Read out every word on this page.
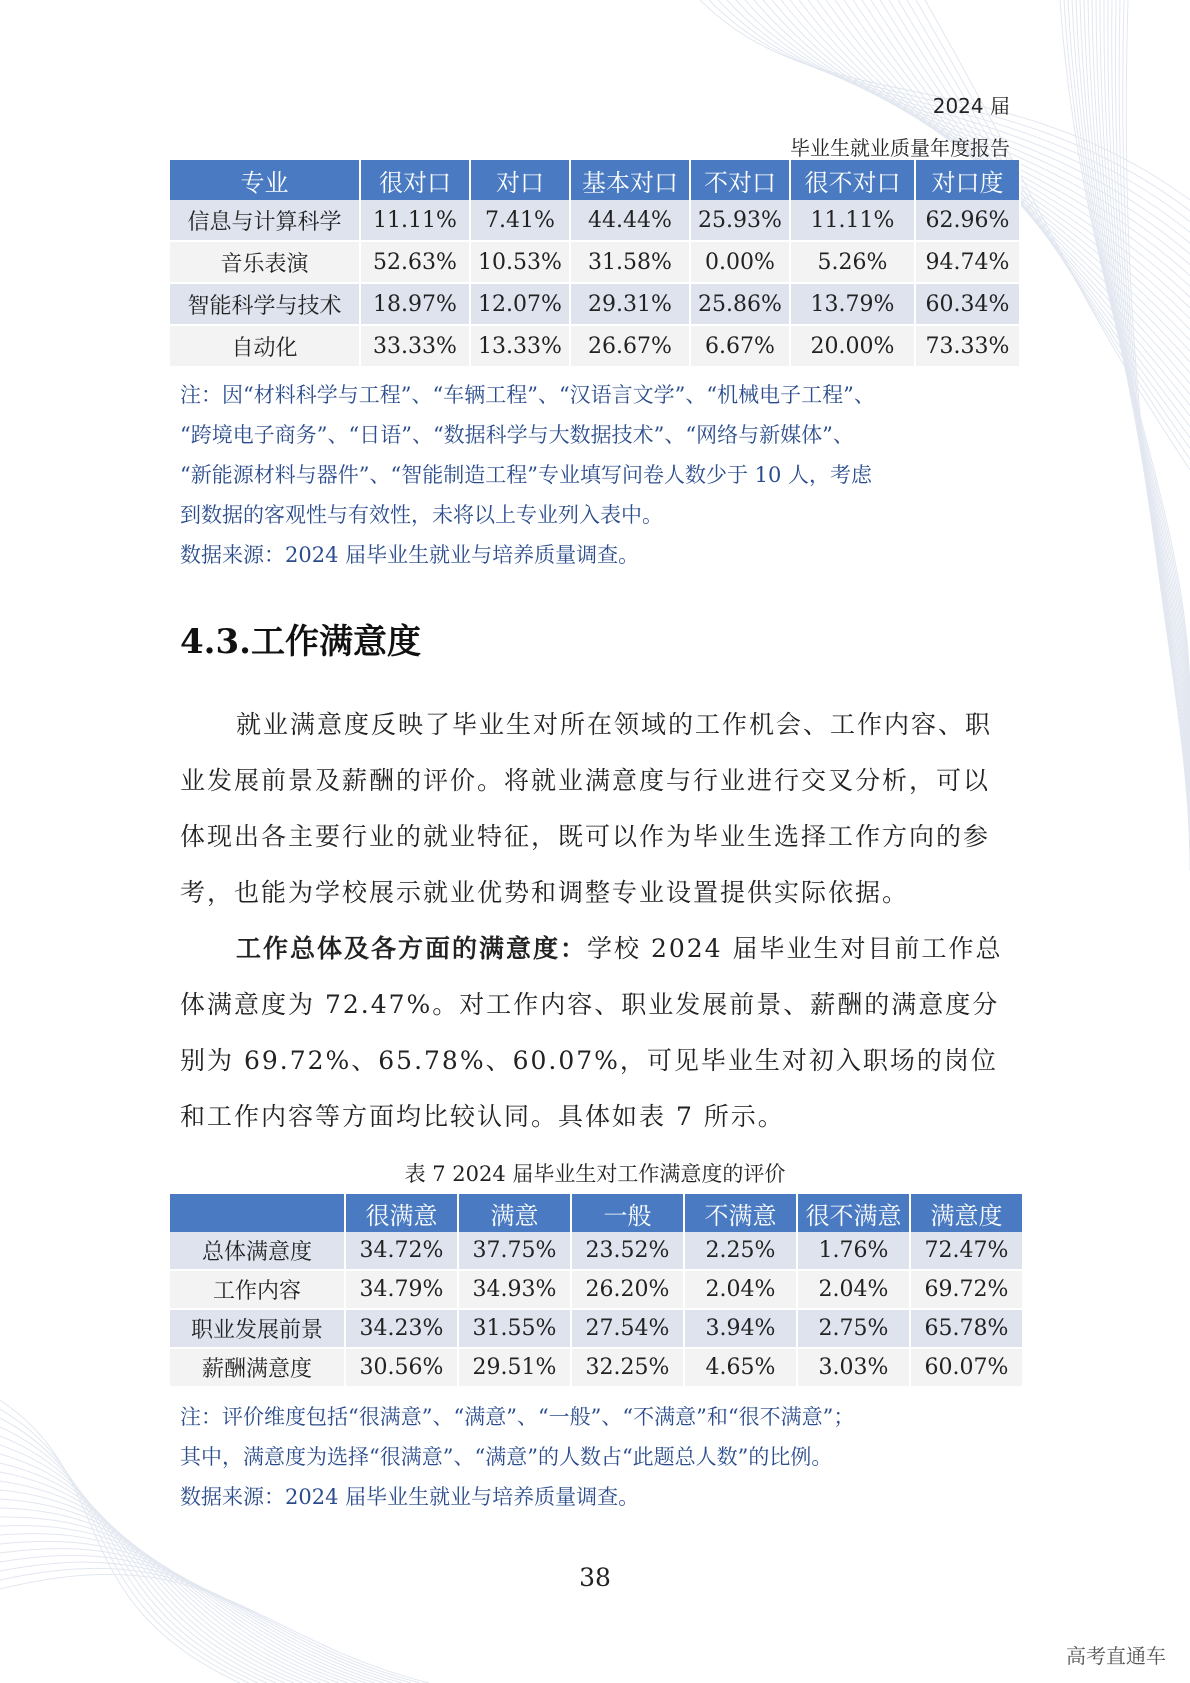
2024 届
毕业生就业质量年度报告
专业	很对口	对口	基本对口	不对口	很不对口	对口度
信息与计算科学	11.11%	7.41%	44.44%	25.93%	11.11%	62.96%
音乐表演	52.63%	10.53%	31.58%	0.00%	5.26%	94.74%
智能科学与技术	18.97%	12.07%	29.31%	25.86%	13.79%	60.34%
自动化	33.33%	13.33%	26.67%	6.67%	20.00%	73.33%
注：因“材料科学与工程”、“车辆工程”、“汉语言文学”、“机械电子工程”、
“跨境电子商务”、“日语”、“数据科学与大数据技术”、“网络与新媒体”、
“新能源材料与器件”、“智能制造工程”专业填写问卷人数少于 10 人，考虑
到数据的客观性与有效性，未将以上专业列入表中。
数据来源：2024 届毕业生就业与培养质量调查。
4.3.工作满意度
就业满意度反映了毕业生对所在领域的工作机会、工作内容、职业发展前景及薪酬的评价。将就业满意度与行业进行交叉分析，可以体现出各主要行业的就业特征，既可以作为毕业生选择工作方向的参考，也能为学校展示就业优势和调整专业设置提供实际依据。
工作总体及各方面的满意度：学校 2024 届毕业生对目前工作总体满意度为 72.47%。对工作内容、职业发展前景、薪酬的满意度分别为 69.72%、65.78%、60.07%，可见毕业生对初入职场的岗位和工作内容等方面均比较认同。具体如表 7 所示。
表 7 2024 届毕业生对工作满意度的评价
	很满意	满意	一般	不满意	很不满意	满意度
总体满意度	34.72%	37.75%	23.52%	2.25%	1.76%	72.47%
工作内容	34.79%	34.93%	26.20%	2.04%	2.04%	69.72%
职业发展前景	34.23%	31.55%	27.54%	3.94%	2.75%	65.78%
薪酬满意度	30.56%	29.51%	32.25%	4.65%	3.03%	60.07%
注：评价维度包括“很满意”、“满意”、“一般”、“不满意”和“很不满意”；
其中，满意度为选择“很满意”、“满意”的人数占“此题总人数”的比例。
数据来源：2024 届毕业生就业与培养质量调查。
38
高考直通车
